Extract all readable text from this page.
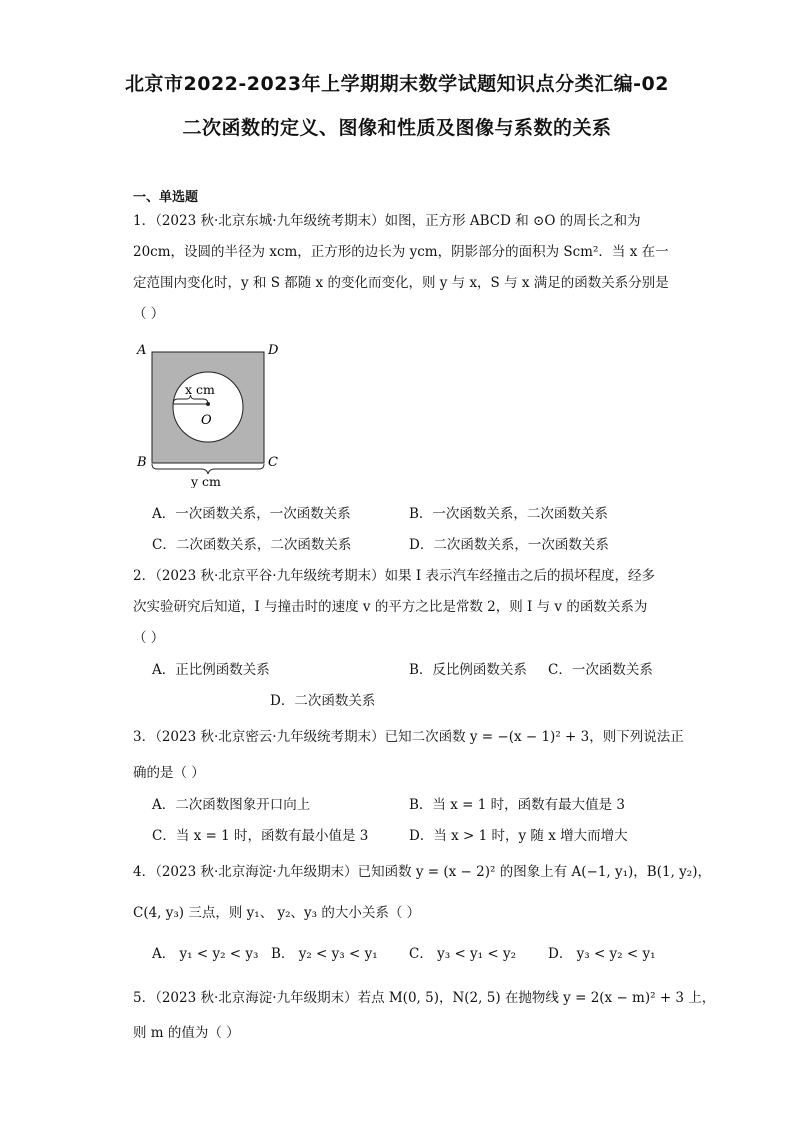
北京市2022-2023年上学期期末数学试题知识点分类汇编-02
二次函数的定义、图像和性质及图像与系数的关系
一、单选题
1．（2023 秋·北京东城·九年级统考期末）如图，正方形 ABCD 和 ⊙O 的周长之和为
20cm，设圆的半径为 xcm，正方形的边长为 ycm，阴影部分的面积为 Scm²．当 x 在一
定范围内变化时，y 和 S 都随 x 的变化而变化，则 y 与 x，S 与 x 满足的函数关系分别是
（ ）
A	D
B	C
O
x cm
y cm
A．一次函数关系，一次函数关系	B．一次函数关系，二次函数关系
C．二次函数关系，二次函数关系	D．二次函数关系，一次函数关系
2．（2023 秋·北京平谷·九年级统考期末）如果 I 表示汽车经撞击之后的损坏程度，经多
次实验研究后知道，I 与撞击时的速度 v 的平方之比是常数 2，则 I 与 v 的函数关系为
（ ）
A．正比例函数关系	B．反比例函数关系 C．一次函数关系
D．二次函数关系
3．（2023 秋·北京密云·九年级统考期末）已知二次函数 y = −(x − 1)² + 3，则下列说法正
确的是（ ）
A．二次函数图象开口向上	B．当 x = 1 时，函数有最大值是 3
C．当 x = 1 时，函数有最小值是 3	D．当 x > 1 时，y 随 x 增大而增大
4．（2023 秋·北京海淀·九年级期末）已知函数 y = (x − 2)² 的图象上有 A(−1, y₁)，B(1, y₂)，
C(4, y₃) 三点，则 y₁、 y₂、y₃ 的大小关系（ ）
A． y₁ < y₂ < y₃ B． y₂ < y₃ < y₁ C． y₃ < y₁ < y₂ D． y₃ < y₂ < y₁
5．（2023 秋·北京海淀·九年级期末）若点 M(0, 5)，N(2, 5) 在抛物线 y = 2(x − m)² + 3 上，
则 m 的值为（ ）
